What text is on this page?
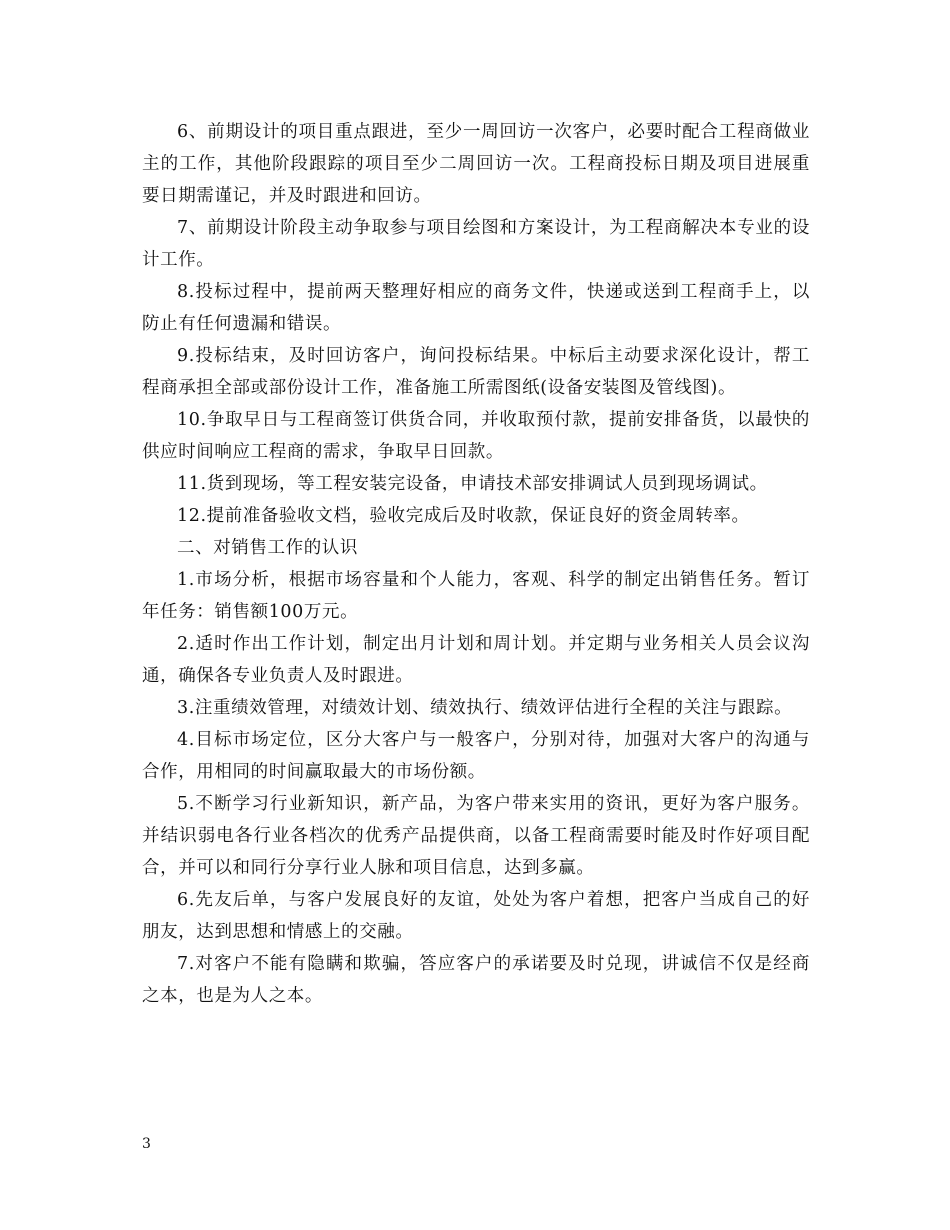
6、前期设计的项目重点跟进，至少一周回访一次客户，必要时配合工程商做业主的工作，其他阶段跟踪的项目至少二周回访一次。工程商投标日期及项目进展重要日期需谨记，并及时跟进和回访。

7、前期设计阶段主动争取参与项目绘图和方案设计，为工程商解决本专业的设计工作。

8.投标过程中，提前两天整理好相应的商务文件，快递或送到工程商手上，以防止有任何遗漏和错误。

9.投标结束，及时回访客户，询问投标结果。中标后主动要求深化设计，帮工程商承担全部或部份设计工作，准备施工所需图纸(设备安装图及管线图)。

10.争取早日与工程商签订供货合同，并收取预付款，提前安排备货，以最快的供应时间响应工程商的需求，争取早日回款。

11.货到现场，等工程安装完设备，申请技术部安排调试人员到现场调试。

12.提前准备验收文档，验收完成后及时收款，保证良好的资金周转率。

二、对销售工作的认识

1.市场分析，根据市场容量和个人能力，客观、科学的制定出销售任务。暂订年任务：销售额100万元。

2.适时作出工作计划，制定出月计划和周计划。并定期与业务相关人员会议沟通，确保各专业负责人及时跟进。

3.注重绩效管理，对绩效计划、绩效执行、绩效评估进行全程的关注与跟踪。

4.目标市场定位，区分大客户与一般客户，分别对待，加强对大客户的沟通与合作，用相同的时间赢取最大的市场份额。

5.不断学习行业新知识，新产品，为客户带来实用的资讯，更好为客户服务。并结识弱电各行业各档次的优秀产品提供商，以备工程商需要时能及时作好项目配合，并可以和同行分享行业人脉和项目信息，达到多赢。

6.先友后单，与客户发展良好的友谊，处处为客户着想，把客户当成自己的好朋友，达到思想和情感上的交融。

7.对客户不能有隐瞒和欺骗，答应客户的承诺要及时兑现，讲诚信不仅是经商之本，也是为人之本。

3
